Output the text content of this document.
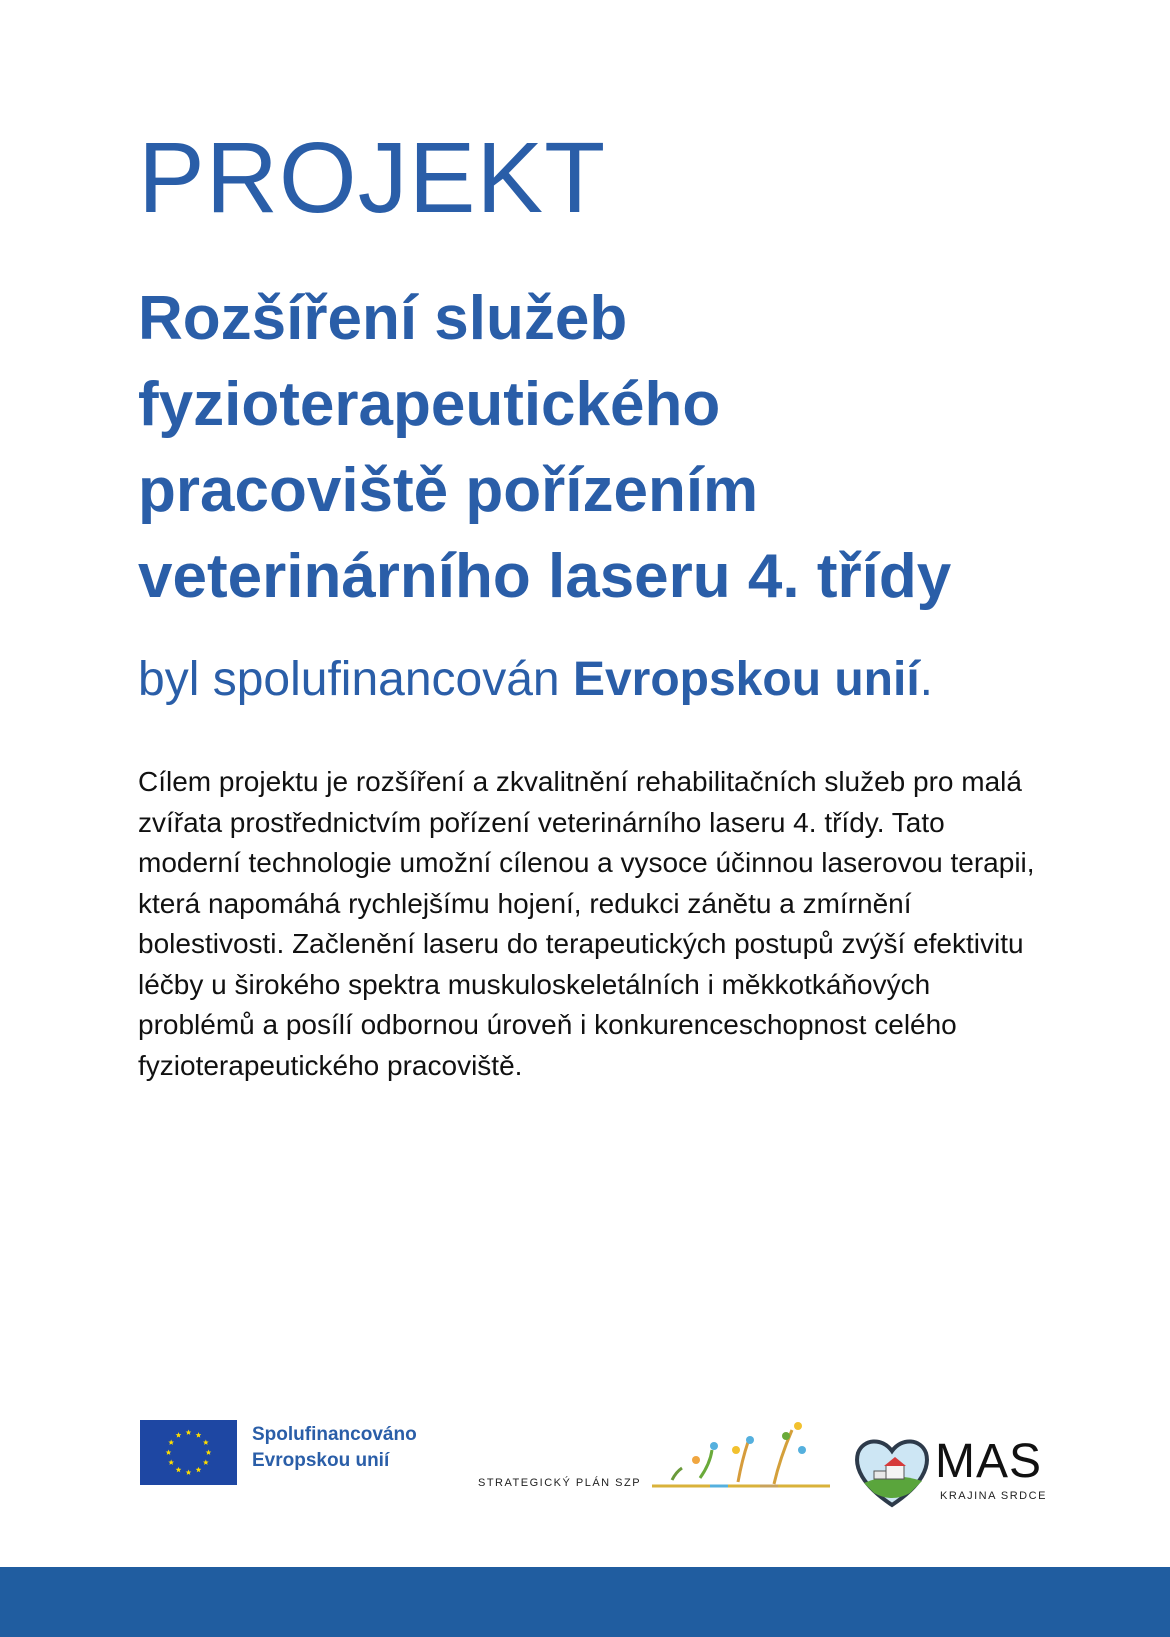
PROJEKT
Rozšíření služeb fyzioterapeutického pracoviště pořízením veterinárního laseru 4. třídy

byl spolufinancován Evropskou unií.

Cílem projektu je rozšíření a zkvalitnění rehabilitačních služeb pro malá zvířata prostřednictvím pořízení veterinárního laseru 4. třídy. Tato moderní technologie umožní cílenou a vysoce účinnou laserovou terapii, která napomáhá rychlejšímu hojení, redukci zánětu a zmírnění bolestivosti. Začlenění laseru do terapeutických postupů zvýší efektivitu léčby u širokého spektra muskuloskeletálních i měkkotkáňových problémů a posílí odbornou úroveň i konkurenceschopnost celého fyzioterapeutického pracoviště.

Spolufinancováno
Evropskou unií
STRATEGICKÝ PLÁN SZP	MAS
KRAJINA SRDCE
